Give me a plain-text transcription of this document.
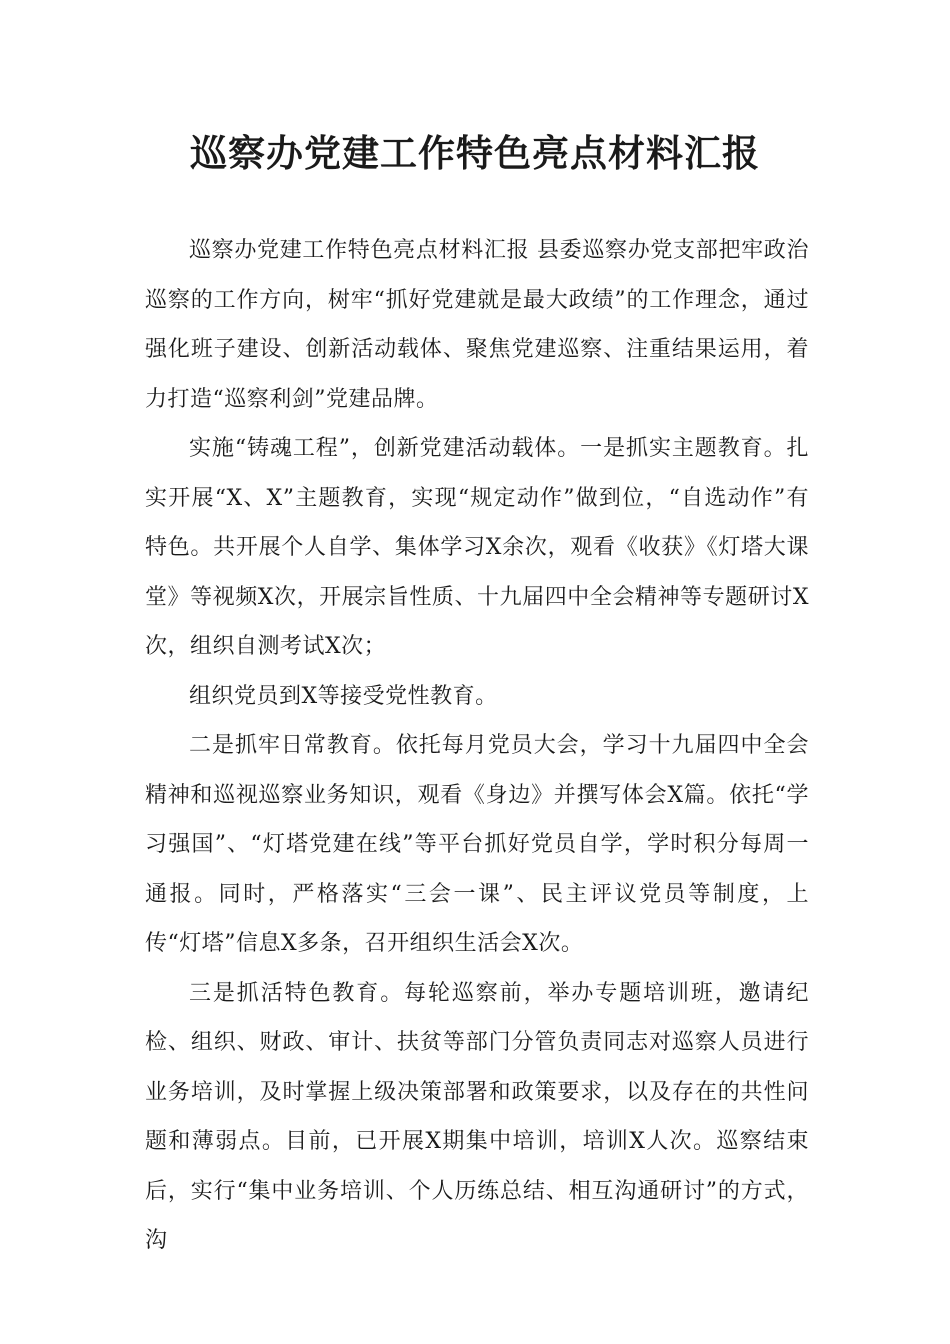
巡察办党建工作特色亮点材料汇报

巡察办党建工作特色亮点材料汇报 县委巡察办党支部把牢政治巡察的工作方向，树牢“抓好党建就是最大政绩”的工作理念，通过强化班子建设、创新活动载体、聚焦党建巡察、注重结果运用，着力打造“巡察利剑”党建品牌。

实施“铸魂工程”，创新党建活动载体。一是抓实主题教育。扎实开展“X、X”主题教育，实现“规定动作”做到位，“自选动作”有特色。共开展个人自学、集体学习X余次，观看《收获》《灯塔大课堂》等视频X次，开展宗旨性质、十九届四中全会精神等专题研讨X次，组织自测考试X次；

组织党员到X等接受党性教育。

二是抓牢日常教育。依托每月党员大会，学习十九届四中全会精神和巡视巡察业务知识，观看《身边》并撰写体会X篇。依托“学习强国”、“灯塔党建在线”等平台抓好党员自学，学时积分每周一通报。同时，严格落实“三会一课”、民主评议党员等制度，上传“灯塔”信息X多条，召开组织生活会X次。

三是抓活特色教育。每轮巡察前，举办专题培训班，邀请纪检、组织、财政、审计、扶贫等部门分管负责同志对巡察人员进行业务培训，及时掌握上级决策部署和政策要求，以及存在的共性问题和薄弱点。目前，已开展X期集中培训，培训X人次。巡察结束后，实行“集中业务培训、个人历练总结、相互沟通研讨”的方式，沟
